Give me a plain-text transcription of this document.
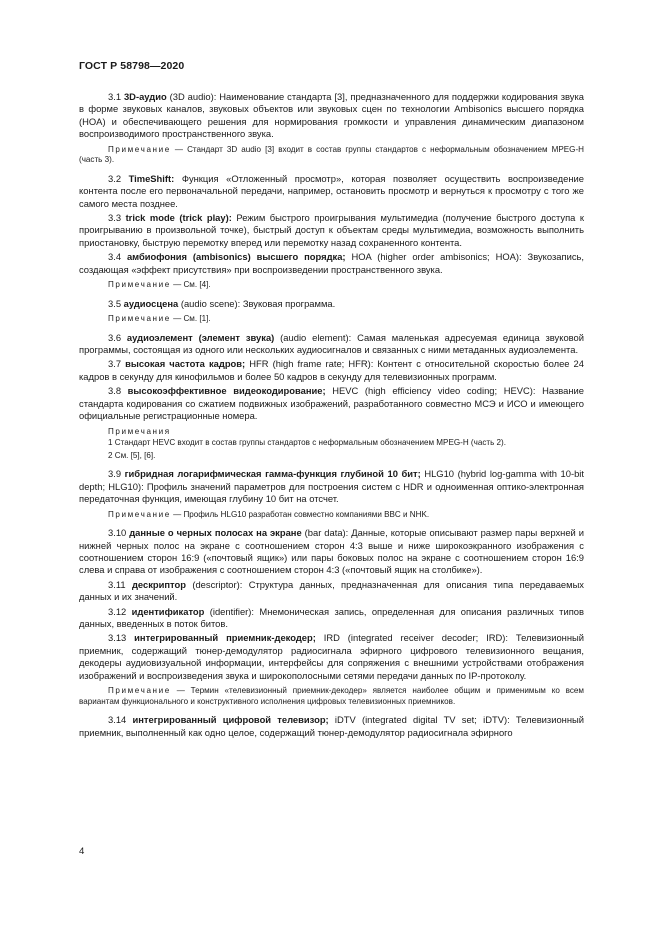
ГОСТ Р 58798—2020
3.1 3D-аудио (3D audio): Наименование стандарта [3], предназначенного для поддержки кодирования звука в форме звуковых каналов, звуковых объектов или звуковых сцен по технологии Ambisonics высшего порядка (HOA) и обеспечивающего решения для нормирования громкости и управления динамическим диапазоном воспроизводимого пространственного звука.
Примечание — Стандарт 3D audio [3] входит в состав группы стандартов с неформальным обозначением MPEG-H (часть 3).
3.2 TimeShift: Функция «Отложенный просмотр», которая позволяет осуществить воспроизведение контента после его первоначальной передачи, например, остановить просмотр и вернуться к просмотру с того же самого места позднее.
3.3 trick mode (trick play): Режим быстрого проигрывания мультимедиа (получение быстрого доступа к проигрыванию в произвольной точке), быстрый доступ к объектам среды мультимедиа, возможность выполнить приостановку, быструю перемотку вперед или перемотку назад сохраненного контента.
3.4 амбиофония (ambisonics) высшего порядка; HOA (higher order ambisonics; HOA): Звукозапись, создающая «эффект присутствия» при воспроизведении пространственного звука.
Примечание — См. [4].
3.5 аудиосцена (audio scene): Звуковая программа.
Примечание — См. [1].
3.6 аудиоэлемент (элемент звука) (audio element): Самая маленькая адресуемая единица звуковой программы, состоящая из одного или нескольких аудиосигналов и связанных с ними метаданных аудиоэлемента.
3.7 высокая частота кадров; HFR (high frame rate; HFR): Контент с относительной скоростью более 24 кадров в секунду для кинофильмов и более 50 кадров в секунду для телевизионных программ.
3.8 высокоэффективное видеокодирование; HEVC (high efficiency video coding; HEVC): Название стандарта кодирования со сжатием подвижных изображений, разработанного совместно МСЭ и ИСО и имеющего официальные регистрационные номера.
Примечания
1 Стандарт HEVC входит в состав группы стандартов с неформальным обозначением MPEG-H (часть 2).
2 См. [5], [6].
3.9 гибридная логарифмическая гамма-функция глубиной 10 бит; HLG10 (hybrid log-gamma with 10-bit depth; HLG10): Профиль значений параметров для построения систем с HDR и одноименная оптико-электронная передаточная функция, имеющая глубину 10 бит на отсчет.
Примечание — Профиль HLG10 разработан совместно компаниями BBC и NHK.
3.10 данные о черных полосах на экране (bar data): Данные, которые описывают размер пары верхней и нижней черных полос на экране с соотношением сторон 4:3 выше и ниже широкоэкранного изображения с соотношением сторон 16:9 («почтовый ящик») или пары боковых полос на экране с соотношением сторон 16:9 слева и справа от изображения с соотношением сторон 4:3 («почтовый ящик на столбике»).
3.11 дескриптор (descriptor): Структура данных, предназначенная для описания типа передаваемых данных и их значений.
3.12 идентификатор (identifier): Мнемоническая запись, определенная для описания различных типов данных, введенных в поток битов.
3.13 интегрированный приемник-декодер; IRD (integrated receiver decoder; IRD): Телевизионный приемник, содержащий тюнер-демодулятор радиосигнала эфирного цифрового телевизионного вещания, декодеры аудиовизуальной информации, интерфейсы для сопряжения с внешними устройствами отображения изображений и воспроизведения звука и широкополосными сетями передачи данных по IP-протоколу.
Примечание — Термин «телевизионный приемник-декодер» является наиболее общим и применимым ко всем вариантам функционального и конструктивного исполнения цифровых телевизионных приемников.
3.14 интегрированный цифровой телевизор; iDTV (integrated digital TV set; iDTV): Телевизионный приемник, выполненный как одно целое, содержащий тюнер-демодулятор радиосигнала эфирного
4
